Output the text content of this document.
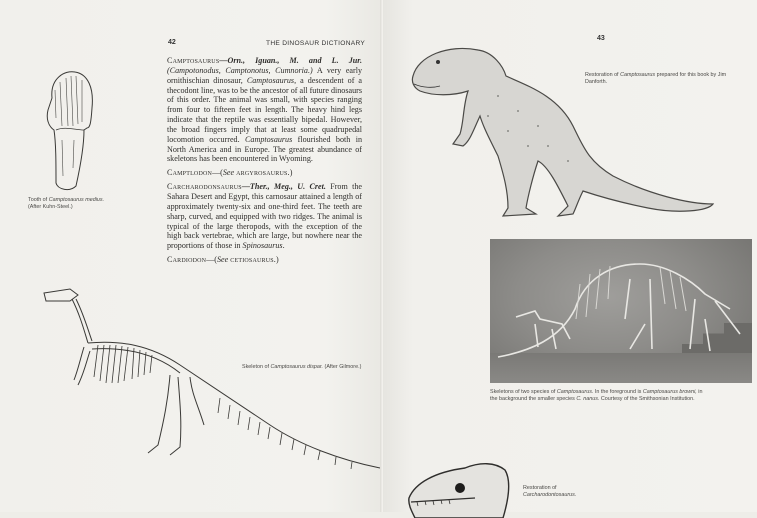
42	THE DINOSAUR DICTIONARY
Tooth of Camptosaurus medius.
(After Kuhn-Steel.)

Camptosaurus—Orn., Iguan., M. and L. Jur. (Campotonodus, Camptonotus, Cumnoria.) A very early ornithischian dinosaur, Camptosaurus, a descendent of a thecodont line, was to be the ancestor of all future dinosaurs of this order. The animal was small, with species ranging from four to fifteen feet in length. The heavy hind legs indicate that the reptile was essentially bipedal. However, the broad fingers imply that at least some quadrupedal locomotion occurred. Camptosaurus flourished both in North America and in Europe. The greatest abundance of skeletons has been encountered in Wyoming.

Camptlodon—(See argyrosaurus.)

Carcharodonsaurus—Ther., Meg., U. Cret. From the Sahara Desert and Egypt, this carnosaur attained a length of approximately twenty-six and one-third feet. The teeth are sharp, curved, and equipped with two ridges. The animal is typical of the large theropods, with the exception of the high back vertebrae, which are large, but nowhere near the proportions of those in Spinosaurus.

Cardiodon—(See cetiosaurus.)

Skeleton of Camptosaurus dispar. (After Gilmore.)
43
Restoration of Camptosaurus prepared for this book by Jim Danforth.
Skeletons of two species of Camptosaurus. In the foreground is Camptosaurus browni, in the background the smaller species C. nanus. Courtesy of the Smithsonian Institution.
Restoration of
Carcharodontosaurus.
